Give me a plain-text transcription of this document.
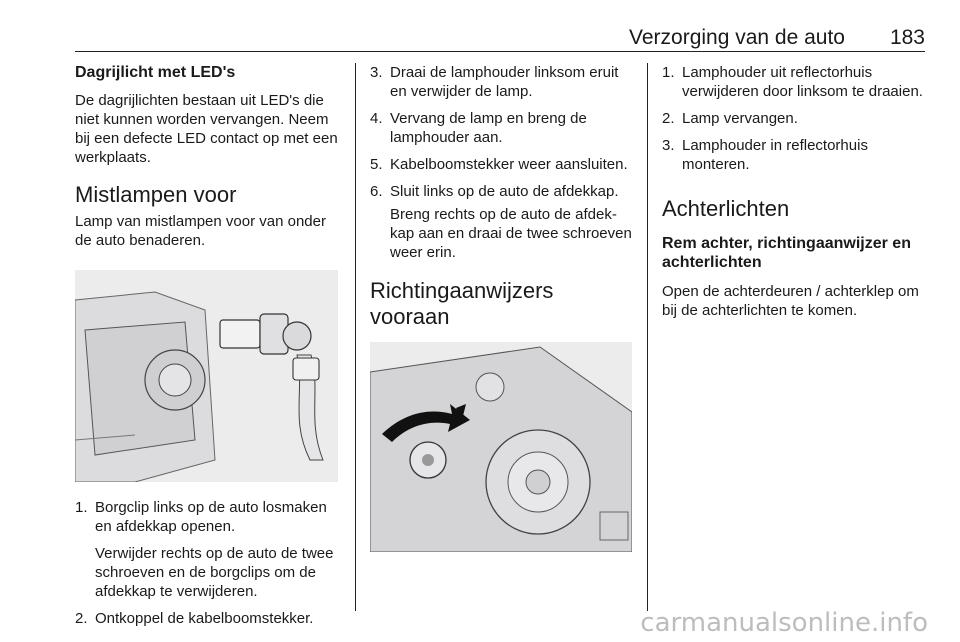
Verzorging van de auto 183
Dagrijlicht met LED's

De dagrijlichten bestaan uit LED's die niet kunnen worden vervangen. Neem bij een defecte LED contact op met een werkplaats.

Mistlampen voor

Lamp van mistlampen voor van onder de auto benaderen.

1. Borgclip links op de auto losmaken en afdekkap openen.
Verwijder rechts op de auto de twee schroeven en de borgclips om de afdekkap te verwijderen.
2. Ontkoppel de kabelboomstekker.
3. Draai de lamphouder linksom eruit en verwijder de lamp.
4. Vervang de lamp en breng de lamphouder aan.
5. Kabelboomstekker weer aansluiten.
6. Sluit links op de auto de afdekkap.
Breng rechts op de auto de afdekkap aan en draai de twee schroeven weer erin.
Richtingaanwijzers vooraan
1. Lamphouder uit reflectorhuis verwijderen door linksom te draaien.
2. Lamp vervangen.
3. Lamphouder in reflectorhuis monteren.
Achterlichten
Rem achter, richtingaanwijzer en achterlichten

Open de achterdeuren / achterklep om bij de achterlichten te komen.

carmanualsonline.info
